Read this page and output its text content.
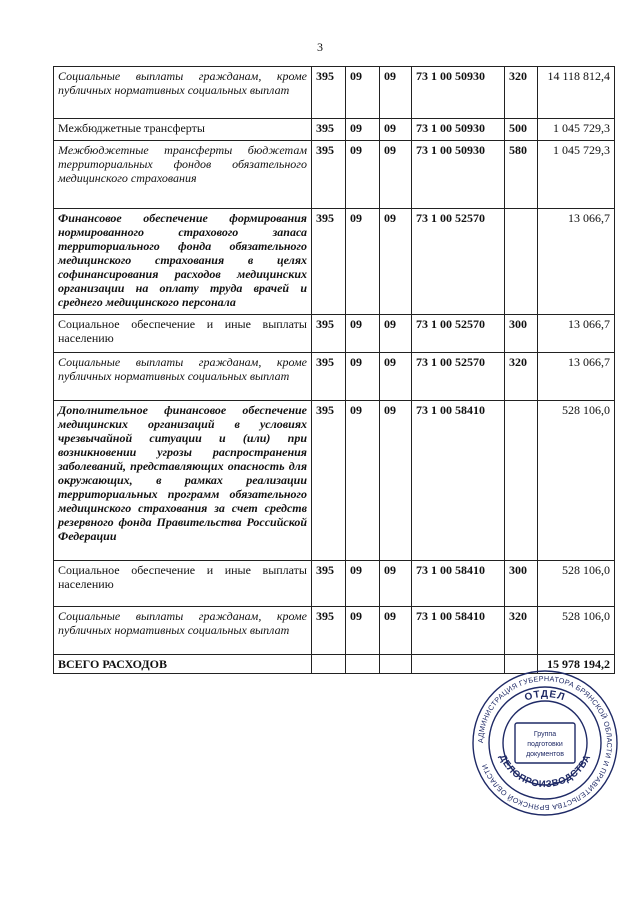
3
Социальные выплаты гражданам, кроме публичных нормативных социальных выплат	395	09	09	73 1 00 50930	320	14 118 812,4
Межбюджетные трансферты	395	09	09	73 1 00 50930	500	1 045 729,3
Межбюджетные трансферты бюджетам территориальных фондов обязательного медицинского страхования	395	09	09	73 1 00 50930	580	1 045 729,3
Финансовое обеспечение формирования нормированного страхового запаса территориального фонда обязательного медицинского страхования в целях софинансирования расходов медицинских организации на оплату труда врачей и среднего медицинского персонала	395	09	09	73 1 00 52570		13 066,7
Социальное обеспечение и иные выплаты населению	395	09	09	73 1 00 52570	300	13 066,7
Социальные выплаты гражданам, кроме публичных нормативных социальных выплат	395	09	09	73 1 00 52570	320	13 066,7
Дополнительное финансовое обеспечение медицинских организаций в условиях чрезвычайной ситуации и (или) при возникновении угрозы распространения заболеваний, представляющих опасность для окружающих, в рамках реализации территориальных программ обязательного медицинского страхования за счет средств резервного фонда Правительства Российской Федерации	395	09	09	73 1 00 58410		528 106,0
Социальное обеспечение и иные выплаты населению	395	09	09	73 1 00 58410	300	528 106,0
Социальные выплаты гражданам, кроме публичных нормативных социальных выплат	395	09	09	73 1 00 58410	320	528 106,0
ВСЕГО РАСХОДОВ						15 978 194,2
АДМИНИСТРАЦИЯ ГУБЕРНАТОРА БРЯНСКОЙ ОБЛАСТИ И ПРАВИТЕЛЬСТВА БРЯНСКОЙ ОБЛАСТИ
ОТДЕЛ
ДЕЛОПРОИЗВОДСТВА
Группа
подготовки
документов
